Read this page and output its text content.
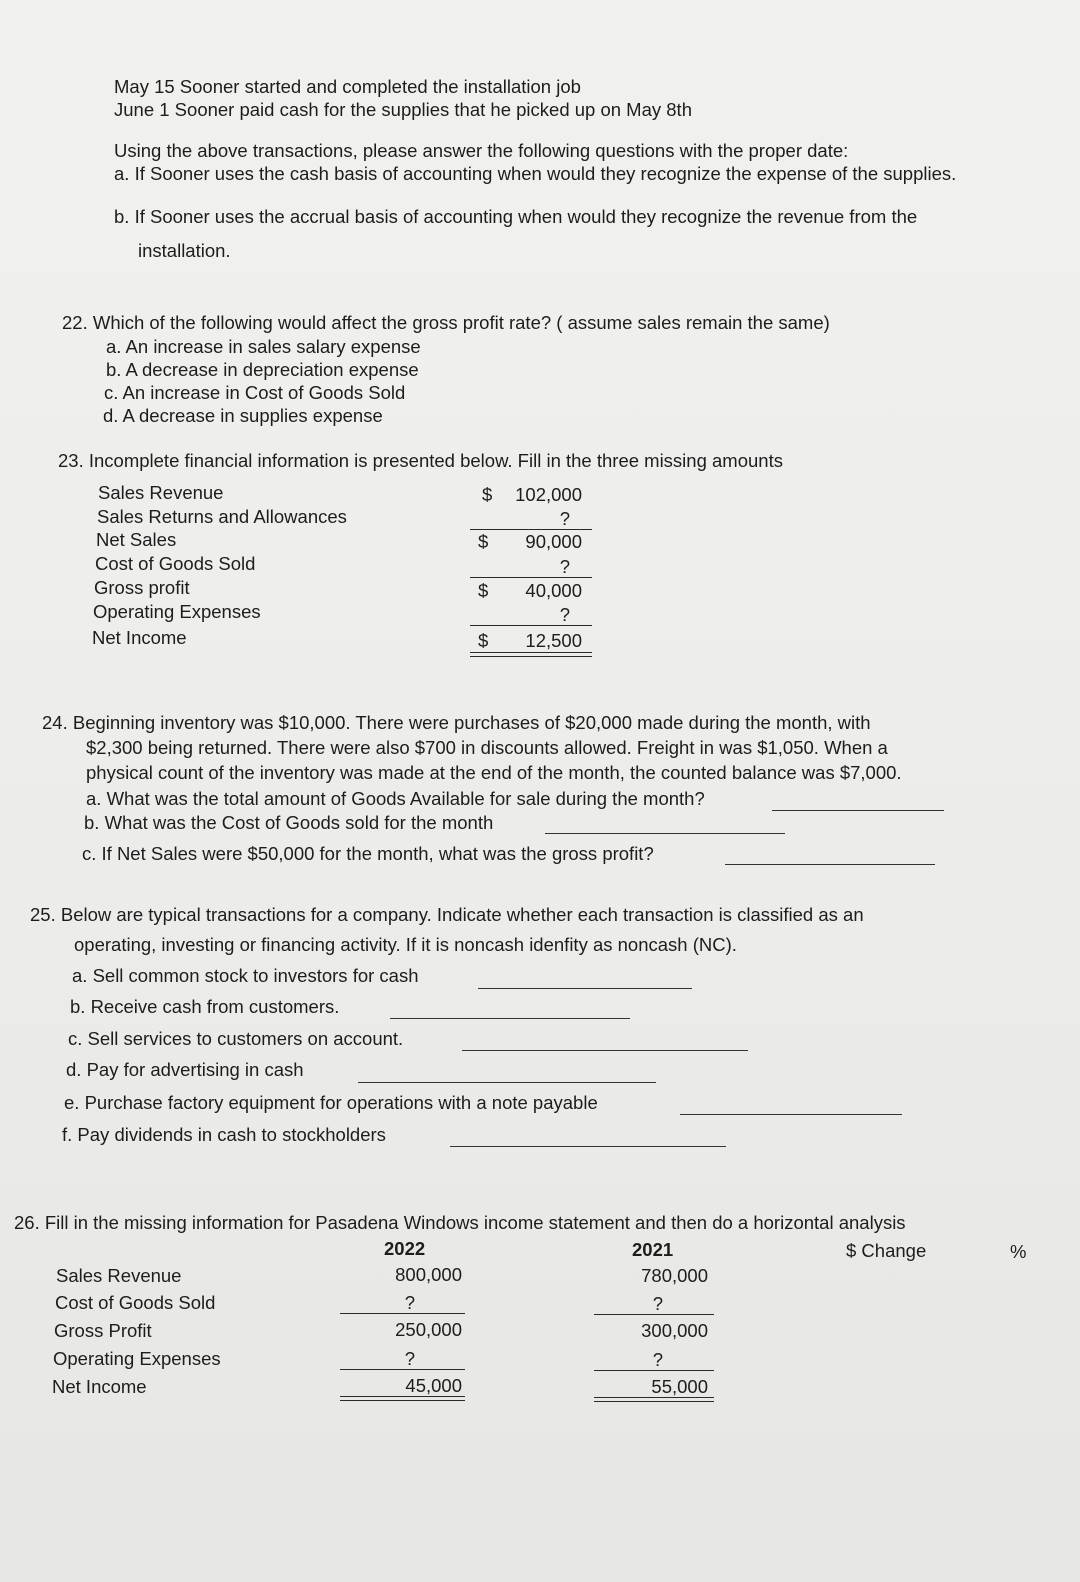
May 15 Sooner started and completed the installation job
June 1 Sooner paid cash for the supplies that he picked up on May 8th
Using the above transactions, please answer the following questions with the proper date:
a. If Sooner uses the cash basis of accounting when would they recognize the expense of the supplies.
b. If Sooner uses the accrual basis of accounting when would they recognize the revenue from the
installation.
22. Which of the following would affect the gross profit rate? ( assume sales remain the same)
a. An increase in sales salary expense
b. A decrease in depreciation expense
c. An increase in Cost of Goods Sold
d. A decrease in supplies expense
23. Incomplete financial information is presented below. Fill in the three missing amounts
Sales Revenue	$	102,000
Sales Returns and Allowances	?
Net Sales	$	90,000
Cost of Goods Sold	?
Gross profit	$	40,000
Operating Expenses	?
Net Income	$	12,500
24. Beginning inventory was $10,000. There were purchases of $20,000 made during the month, with
$2,300 being returned. There were also $700 in discounts allowed. Freight in was $1,050. When a
physical count of the inventory was made at the end of the month, the counted balance was $7,000.
a. What was the total amount of Goods Available for sale during the month?
b. What was the Cost of Goods sold for the month
c. If Net Sales were $50,000 for the month, what was the gross profit?
25. Below are typical transactions for a company. Indicate whether each transaction is classified as an
operating, investing or financing activity. If it is noncash idenfity as noncash (NC).
a. Sell common stock to investors for cash
b. Receive cash from customers.
c. Sell services to customers on account.
d. Pay for advertising in cash
e. Purchase factory equipment for operations with a note payable
f. Pay dividends in cash to stockholders
26. Fill in the missing information for Pasadena Windows income statement and then do a horizontal analysis
2022	2021	$ Change	%
Sales Revenue	800,000	780,000
Cost of Goods Sold	?	?
Gross Profit	250,000	300,000
Operating Expenses	?	?
Net Income	45,000	55,000
